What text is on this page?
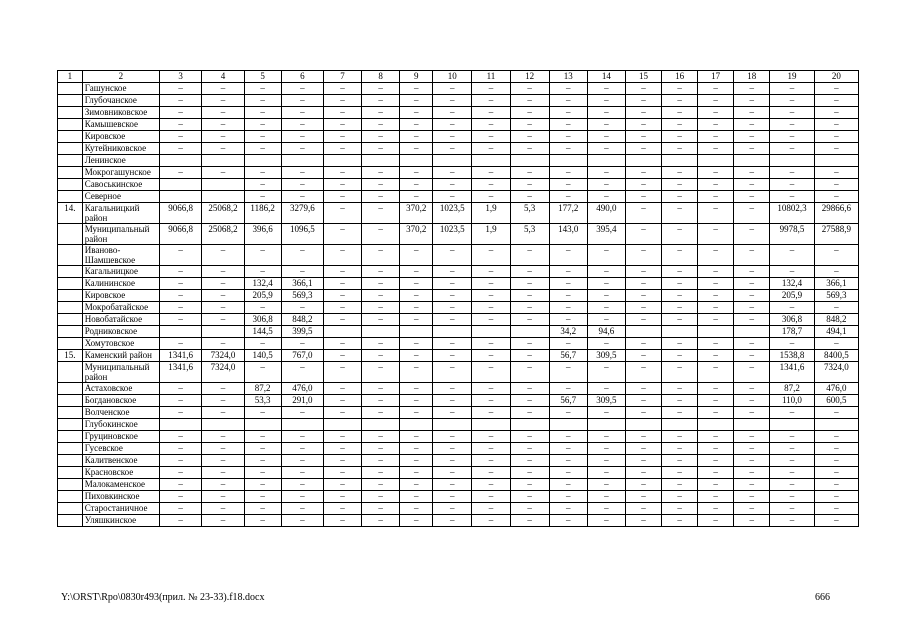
1	2	3	4	5	6	7	8	9	10	11	12	13	14	15	16	17	18	19	20
	Гашунское	–	–	–	–	–	–	–	–	–	–	–	–	–	–	–	–	–	–
	Глубочанское	–	–	–	–	–	–	–	–	–	–	–	–	–	–	–	–	–	–
	Зимовниковское	–	–	–	–	–	–	–	–	–	–	–	–	–	–	–	–	–	–
	Камышевское	–	–	–	–	–	–	–	–	–	–	–	–	–	–	–	–	–	–
	Кировское	–	–	–	–	–	–	–	–	–	–	–	–	–	–	–	–	–	–
	Кутейниковское	–	–	–	–	–	–	–	–	–	–	–	–	–	–	–	–	–	–
	Ленинское																		
	Мокрогашунское	–	–	–	–	–	–	–	–	–	–	–	–	–	–	–	–	–	–
	Савоськинское			–	–	–	–	–	–	–	–	–	–	–	–	–	–	–	–
	Северное			–	–	–	–	–	–	–	–	–	–	–	–	–	–	–	–
14.	Кагальницкий район	9066,8	25068,2	1186,2	3279,6	–	–	370,2	1023,5	1,9	5,3	177,2	490,0	–	–	–	–	10802,3	29866,6
	Муниципальный район	9066,8	25068,2	396,6	1096,5	–	–	370,2	1023,5	1,9	5,3	143,0	395,4	–	–	–	–	9978,5	27588,9
	Иваново-Шамшевское	–	–	–	–	–	–	–	–	–	–	–	–	–	–	–	–	–	–
	Кагальницкое	–	–	–	–	–	–	–	–	–	–	–	–	–	–	–	–	–	–
	Калининское	–	–	132,4	366,1	–	–	–	–	–	–	–	–	–	–	–	–	132,4	366,1
	Кировское	–	–	205,9	569,3	–	–	–	–	–	–	–	–	–	–	–	–	205,9	569,3
	Мокробатайское	–	–	–	–	–	–	–	–	–	–	–	–	–	–	–	–	–	–
	Новобатайское	–	–	306,8	848,2	–	–	–	–	–	–	–	–	–	–	–	–	306,8	848,2
	Родниковское			144,5	399,5							34,2	94,6					178,7	494,1
	Хомутовское	–	–	–	–	–	–	–	–	–	–	–	–	–	–	–	–	–	–
15.	Каменский район	1341,6	7324,0	140,5	767,0	–	–	–	–	–	–	56,7	309,5	–	–	–	–	1538,8	8400,5
	Муниципальный район	1341,6	7324,0	–	–	–	–	–	–	–	–	–	–	–	–	–	–	1341,6	7324,0
	Астаховское	–	–	87,2	476,0	–	–	–	–	–	–	–	–	–	–	–	–	87,2	476,0
	Богдановское	–	–	53,3	291,0	–	–	–	–	–	–	56,7	309,5	–	–	–	–	110,0	600,5
	Волченское	–	–	–	–	–	–	–	–	–	–	–	–	–	–	–	–	–	–
	Глубокинское																		
	Груциновское	–	–	–	–	–	–	–	–	–	–	–	–	–	–	–	–	–	–
	Гусевское	–	–	–	–	–	–	–	–	–	–	–	–	–	–	–	–	–	–
	Калитвенское	–	–	–	–	–	–	–	–	–	–	–	–	–	–	–	–	–	–
	Красновское	–	–	–	–	–	–	–	–	–	–	–	–	–	–	–	–	–	–
	Малокаменское	–	–	–	–	–	–	–	–	–	–	–	–	–	–	–	–	–	–
	Пиховкинское	–	–	–	–	–	–	–	–	–	–	–	–	–	–	–	–	–	–
	Старостаничное	–	–	–	–	–	–	–	–	–	–	–	–	–	–	–	–	–	–
	Уляшкинское	–	–	–	–	–	–	–	–	–	–	–	–	–	–	–	–	–	–
Y:\ORST\Rpo\0830r493(прил. № 23-33).f18.docx	666
